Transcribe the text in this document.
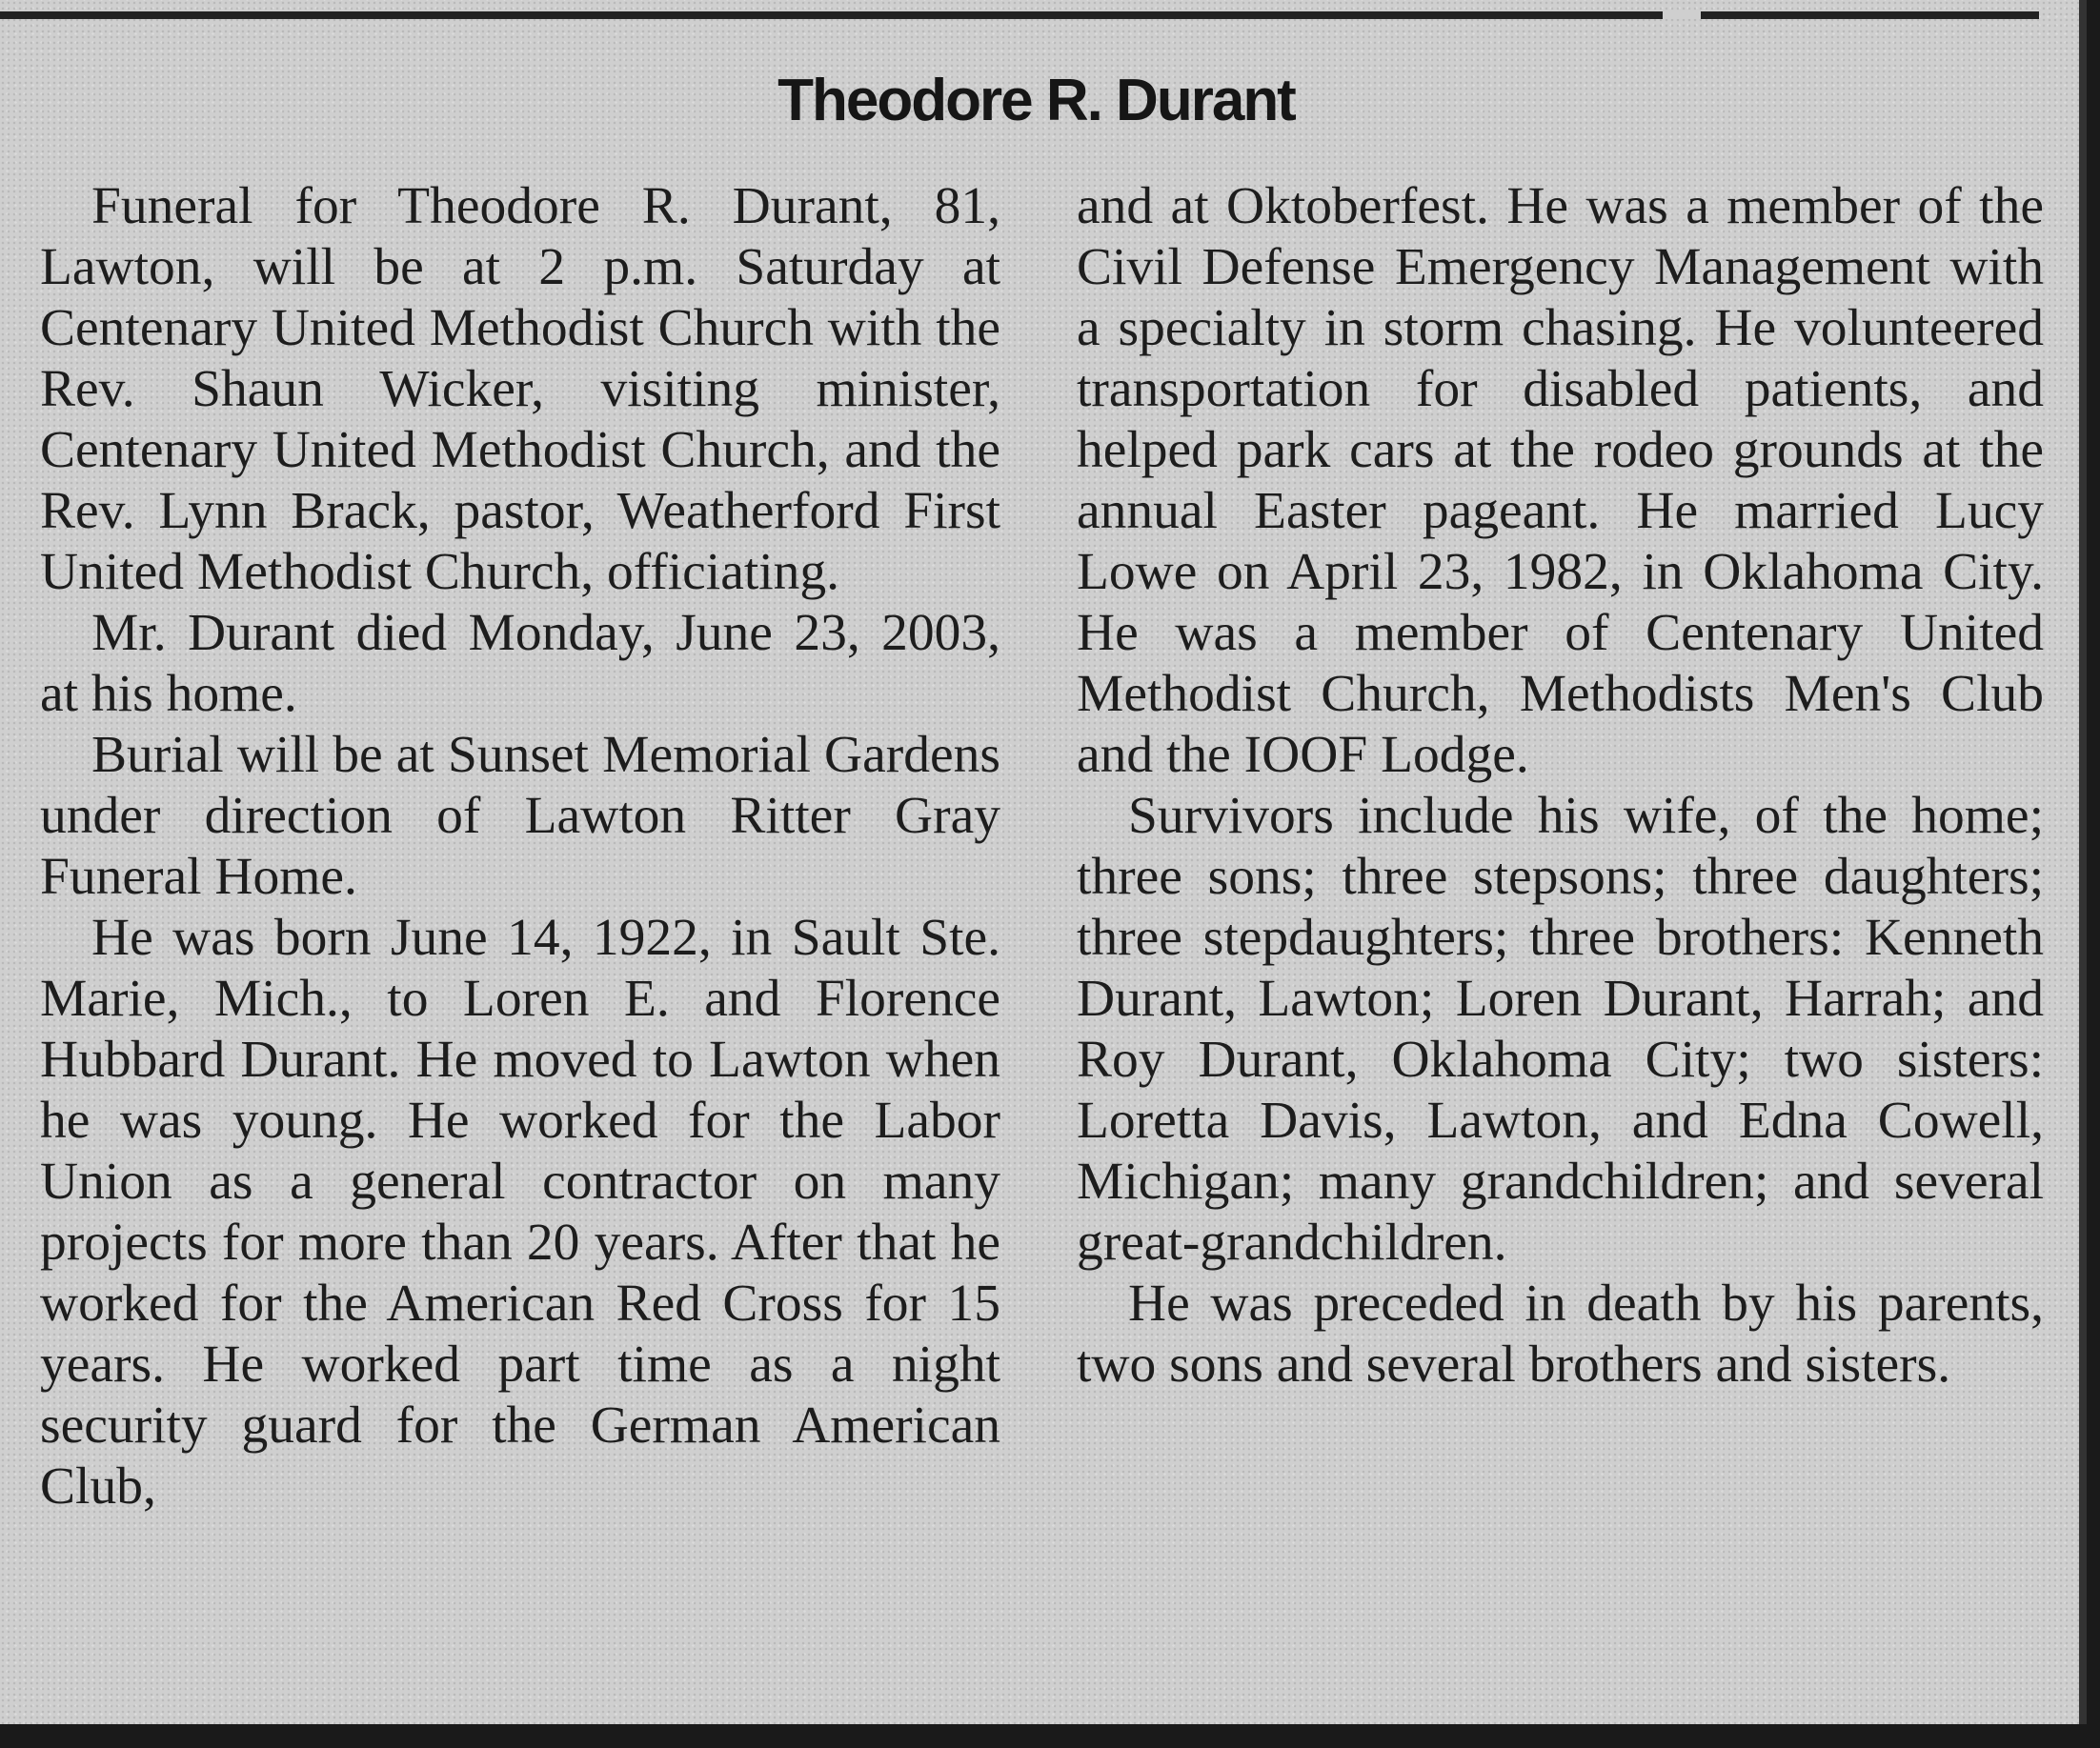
Theodore R. Durant

Funeral for Theodore R. Durant, 81, Lawton, will be at 2 p.m. Saturday at Centenary United Methodist Church with the Rev. Shaun Wicker, visiting minister, Centenary United Methodist Church, and the Rev. Lynn Brack, pastor, Weatherford First United Methodist Church, officiating.

Mr. Durant died Monday, June 23, 2003, at his home.

Burial will be at Sunset Memorial Gardens under direction of Lawton Ritter Gray Funeral Home.

He was born June 14, 1922, in Sault Ste. Marie, Mich., to Loren E. and Florence Hubbard Durant. He moved to Lawton when he was young. He worked for the Labor Union as a general contractor on many projects for more than 20 years. After that he worked for the American Red Cross for 15 years. He worked part time as a night security guard for the German American Club,

and at Oktoberfest. He was a member of the Civil Defense Emergency Management with a specialty in storm chasing. He volunteered transportation for disabled patients, and helped park cars at the rodeo grounds at the annual Easter pageant. He married Lucy Lowe on April 23, 1982, in Oklahoma City. He was a member of Centenary United Methodist Church, Methodists Men's Club and the IOOF Lodge.

Survivors include his wife, of the home; three sons; three stepsons; three daughters; three stepdaughters; three brothers: Kenneth Durant, Lawton; Loren Durant, Harrah; and Roy Durant, Oklahoma City; two sisters: Loretta Davis, Lawton, and Edna Cowell, Michigan; many grandchildren; and several great-grandchildren.

He was preceded in death by his parents, two sons and several brothers and sisters.
